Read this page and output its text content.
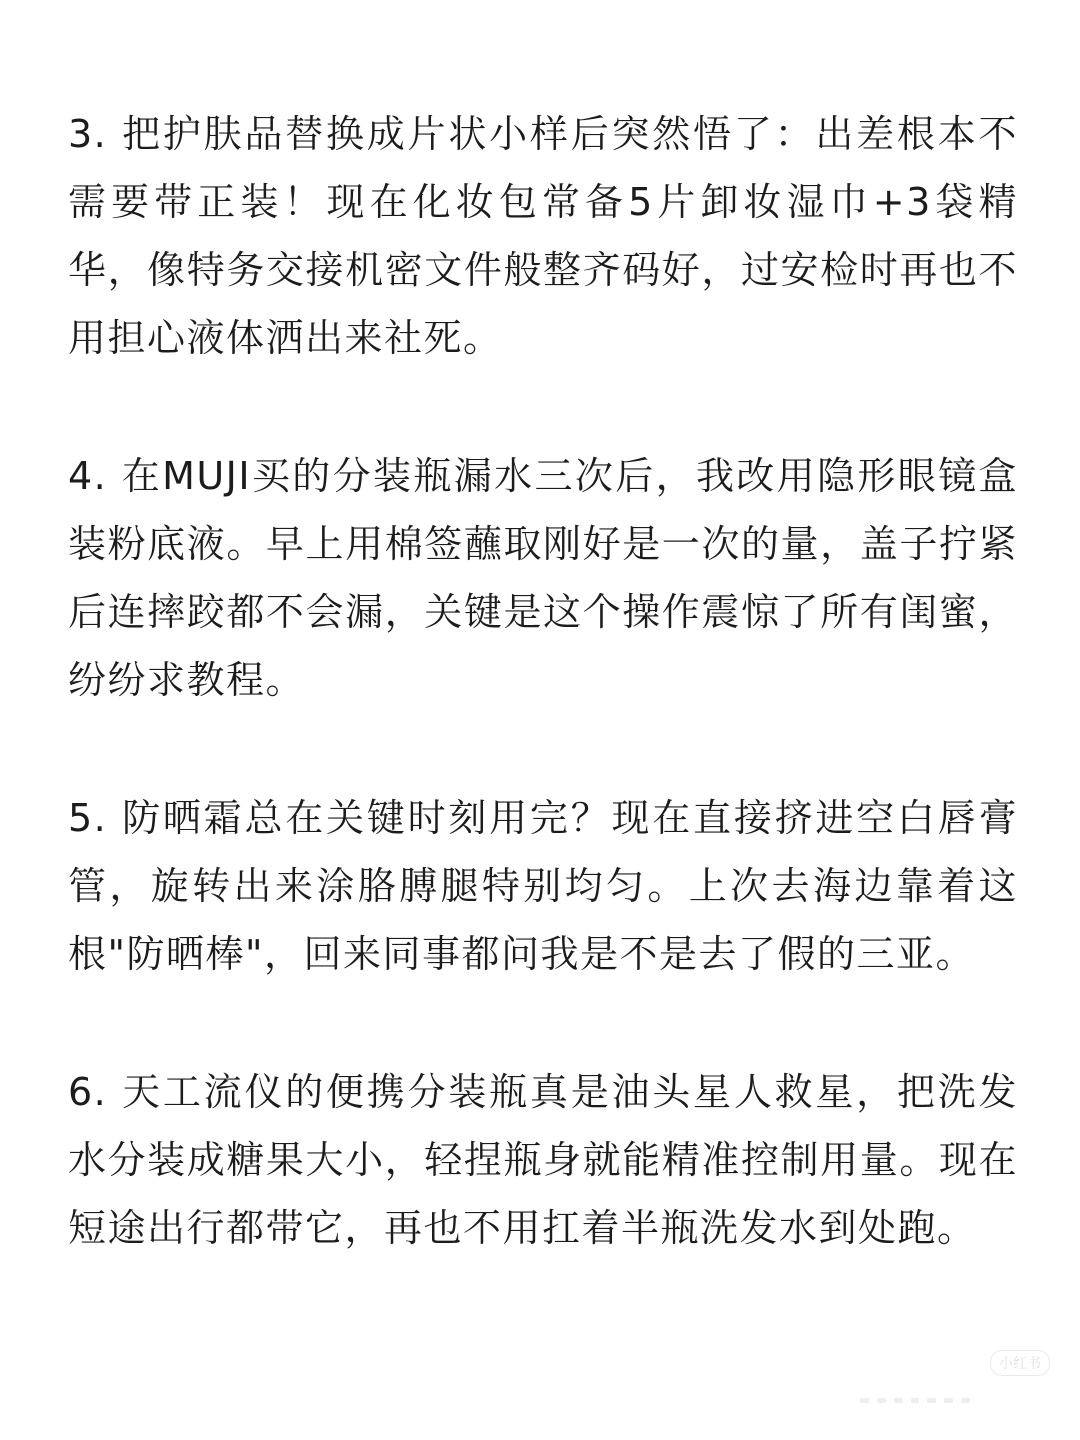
3. 把护肤品替换成片状小样后突然悟了：出差根本不需要带正装！现在化妆包常备5片卸妆湿巾+3袋精华，像特务交接机密文件般整齐码好，过安检时再也不用担心液体洒出来社死。

4. 在MUJI买的分装瓶漏水三次后，我改用隐形眼镜盒装粉底液。早上用棉签蘸取刚好是一次的量，盖子拧紧后连摔跤都不会漏，关键是这个操作震惊了所有闺蜜，纷纷求教程。

5. 防晒霜总在关键时刻用完？现在直接挤进空白唇膏管，旋转出来涂胳膊腿特别均匀。上次去海边靠着这根"防晒棒"，回来同事都问我是不是去了假的三亚。

6. 天工流仪的便携分装瓶真是油头星人救星，把洗发水分装成糖果大小，轻捏瓶身就能精准控制用量。现在短途出行都带它，再也不用扛着半瓶洗发水到处跑。

小红书
